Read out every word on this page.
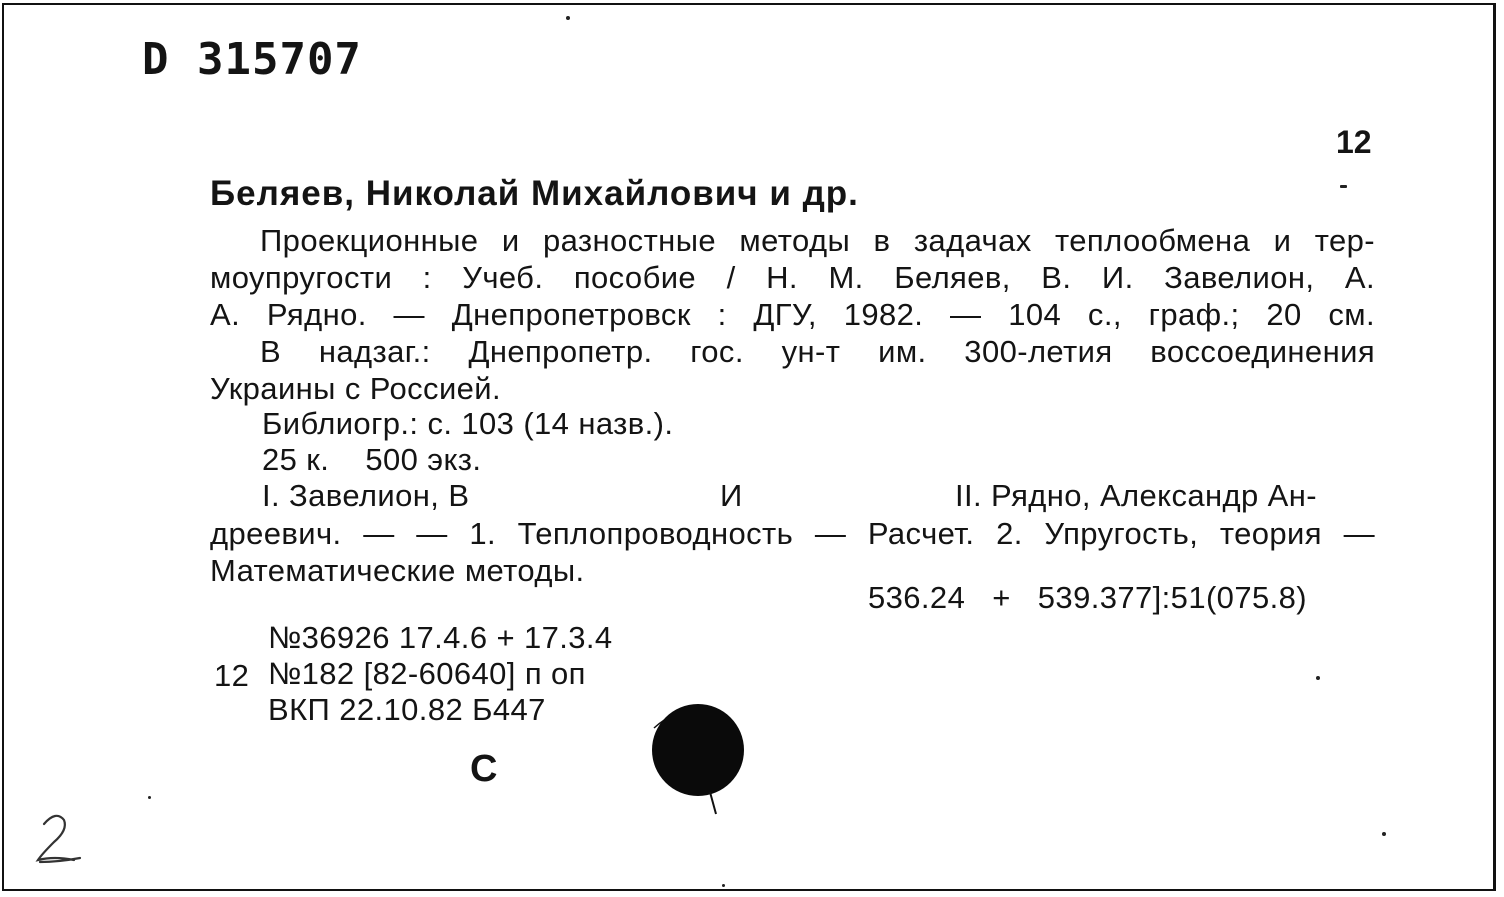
D 315707
12
Беляев, Николай Михайлович и др.
Проекционные и разностные методы в задачах теплообмена и тер-
моупругости : Учеб. пособие / Н. М. Беляев, В. И. Завелион, А.
А. Рядно. — Днепропетровск : ДГУ, 1982. — 104 с., граф.; 20 см.
В надзаг.: Днепропетр. гос. ун-т им. 300-летия воссоединения
Украины с Россией.
Библиогр.: с. 103 (14 назв.).
25 к.    500 экз.
I. Завелион, В	И	II. Рядно, Александр Ан-
дреевич. — — 1. Теплопроводность — Расчет. 2. Упругость, теория —
Математические методы.
536.24   +   539.377]:51(075.8)
№36926 17.4.6 + 17.3.4
12 №182 [82-60640] п оп
ВКП 22.10.82 Б447
С
